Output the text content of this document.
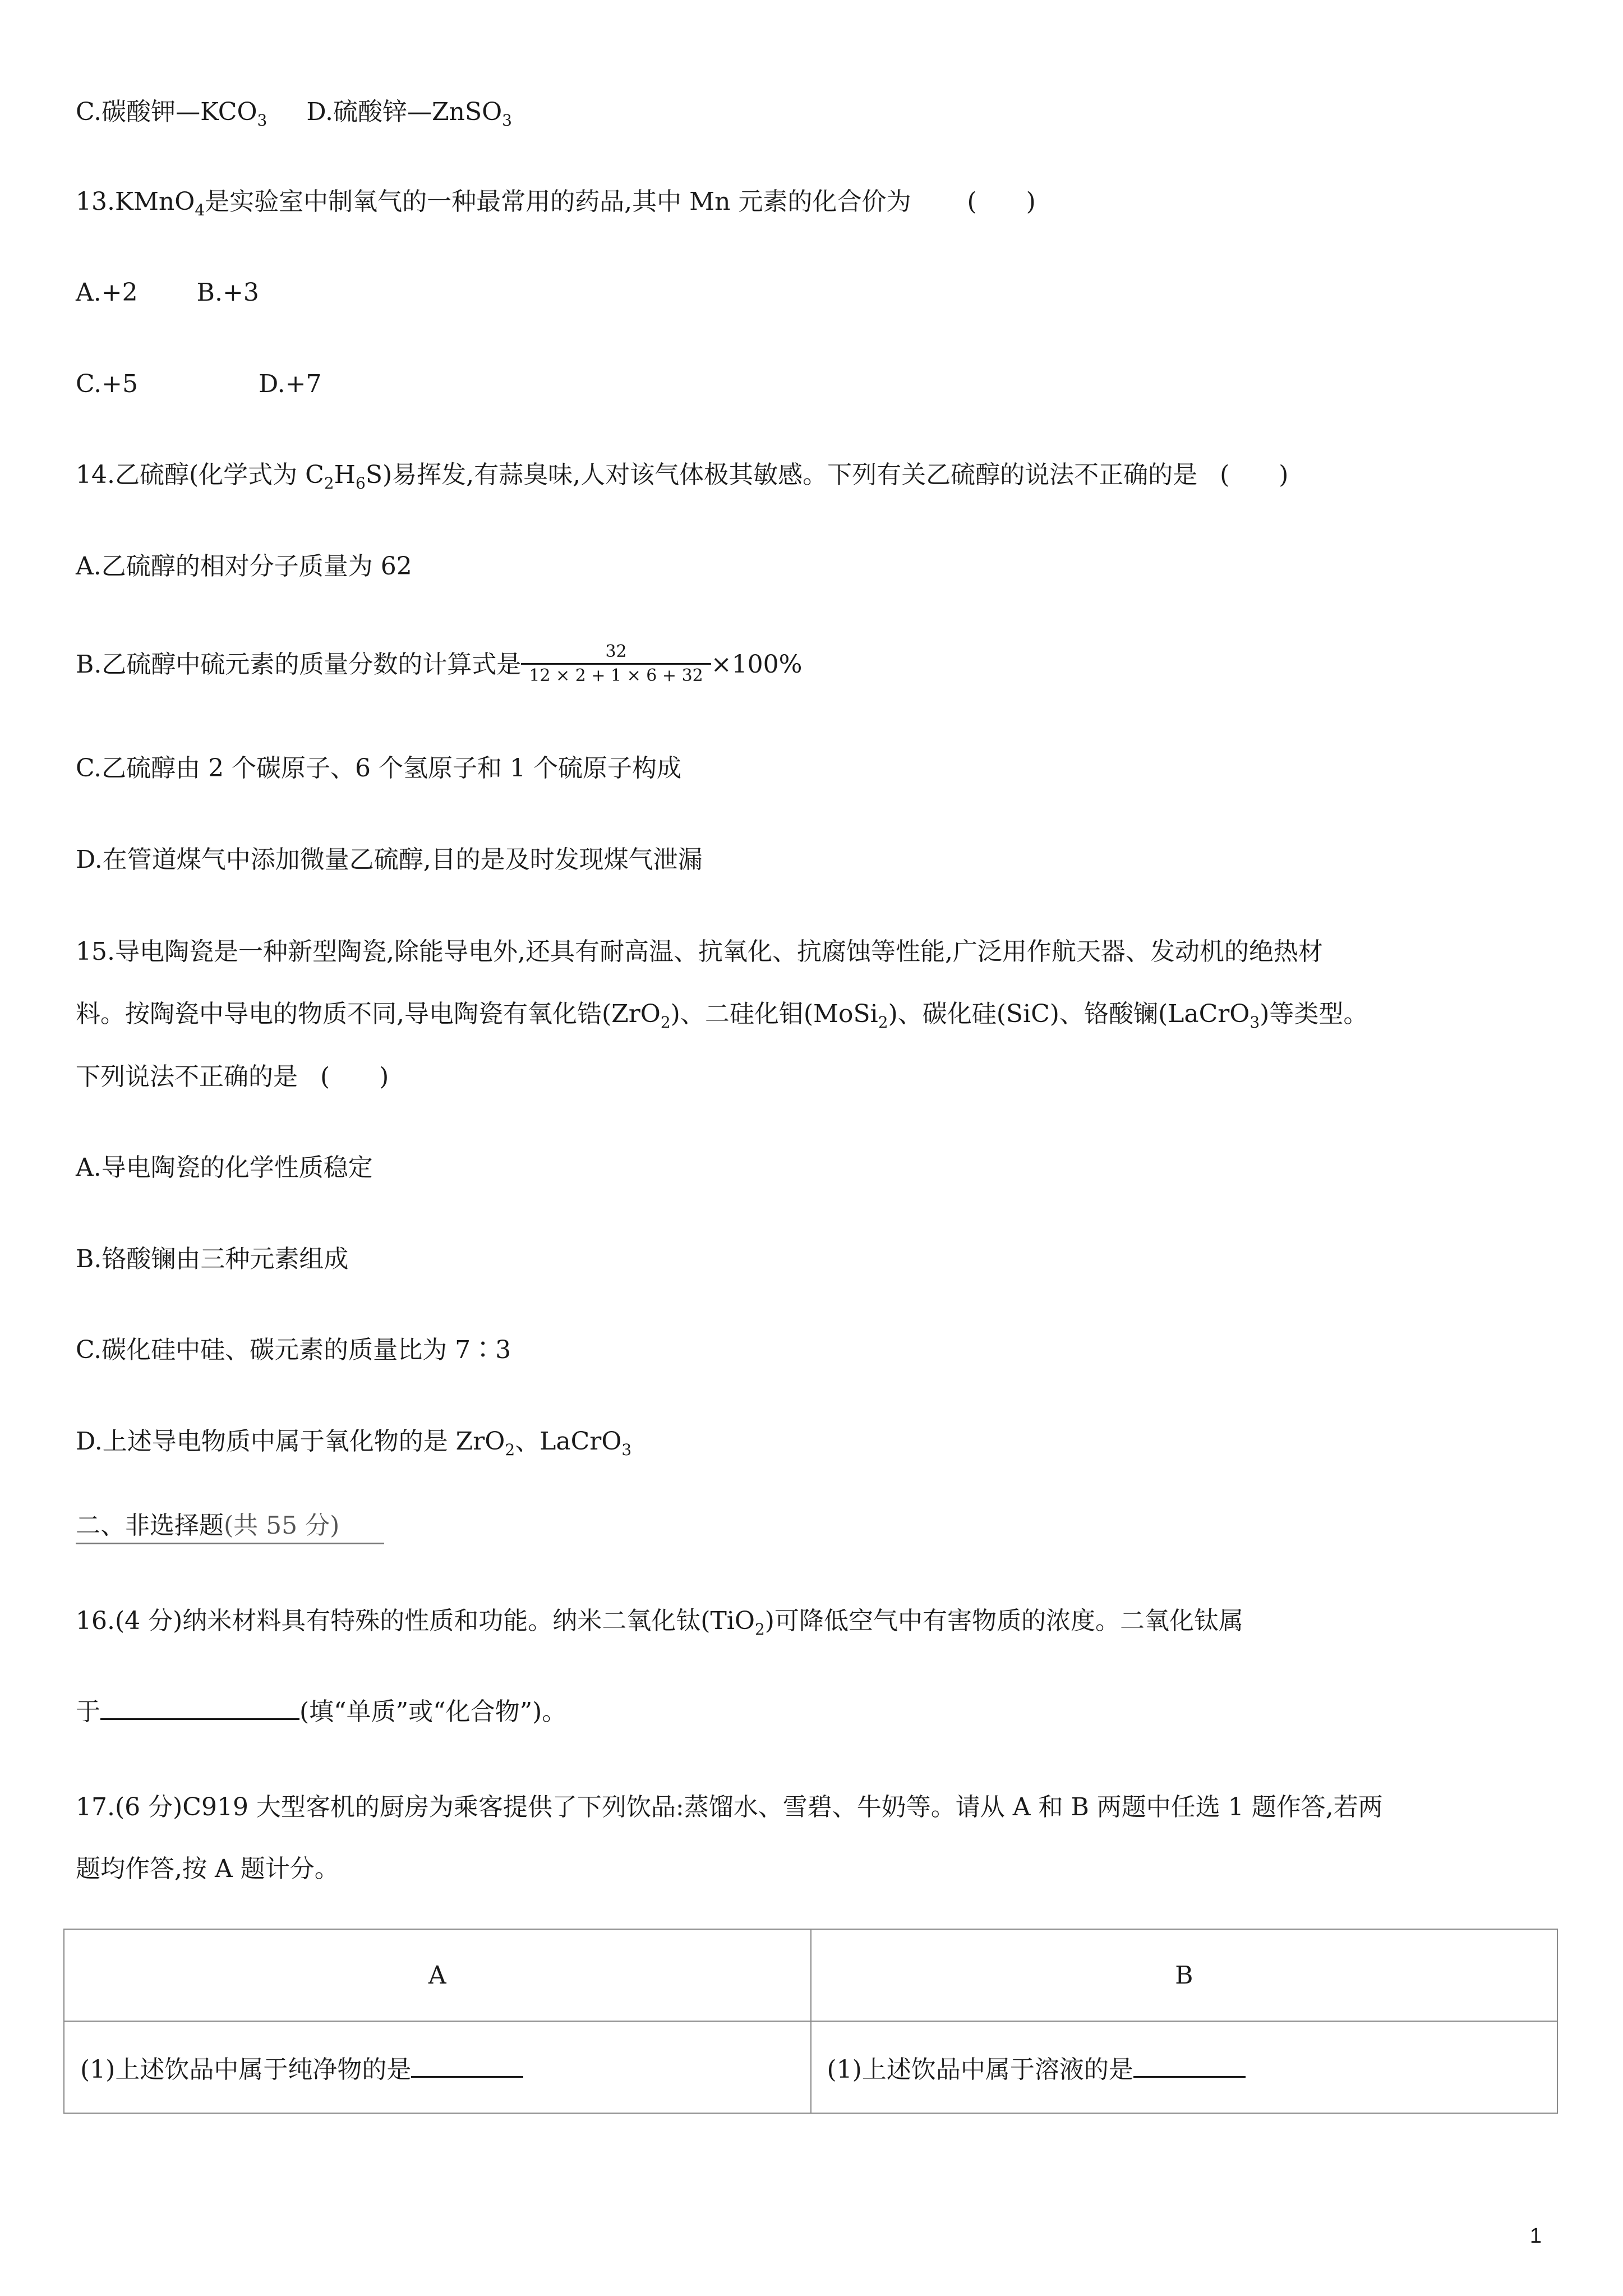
C.碳酸钾$—KCO_3$ D.硫酸锌—ZnSO$_3$
13.KMnO$_4$是实验室中制氧气的一种最常用的药品,其中 Mn 元素的化合价为 (　　)
A.+2 B.+3
C.+5	D.+7
14.乙硫醇(化学式为 $C_2H_6S$)易挥发,有蒜臭味,人对该气体极其敏感。下列有关乙硫醇的说法不正确的是 (　　)
A.乙硫醇的相对分子质量为 62
B.乙硫醇中硫元素的质量分数的计算式是 $\frac{32}{12 \times 2 + 1 \times 6 + 32} \times 100\%$
C.乙硫醇由 2 个碳原子、6 个氢原子和 1 个硫原子构成
D.在管道煤气中添加微量乙硫醇,目的是及时发现煤气泄漏
15.导电陶瓷是一种新型陶瓷,除能导电外,还具有耐高温、抗氧化、抗腐蚀等性能,广泛用作航天器、发动机的绝热材
料。按陶瓷中导电的物质不同,导电陶瓷有氧化锆(ZrO$_2$)、二硅化钼(MoSi$_2$)、碳化硅(SiC)、铬酸镧(LaCrO$_3$)等类型。
下列说法不正确的是 (　　)
A.导电陶瓷的化学性质稳定
B.铬酸镧由三种元素组成
C.碳化硅中硅、碳元素的质量比为 7∶3
D.上述导电物质中属于氧化物的是 ZrO$_2$、LaCrO$_3$
二、非选择题(共 55 分)
16.(4 分)纳米材料具有特殊的性质和功能。纳米二氧化钛(TiO$_2$)可降低空气中有害物质的浓度。二氧化钛属
于	(填“单质”或“化合物”)。
17.(6 分)C919 大型客机的厨房为乘客提供了下列饮品:蒸馏水、雪碧、牛奶等。请从 A 和 B 两题中任选 1 题作答,若两
题均作答,按 A 题计分。
A	B
(1)上述饮品中属于纯净物的是	(1)上述饮品中属于溶液的是
1
